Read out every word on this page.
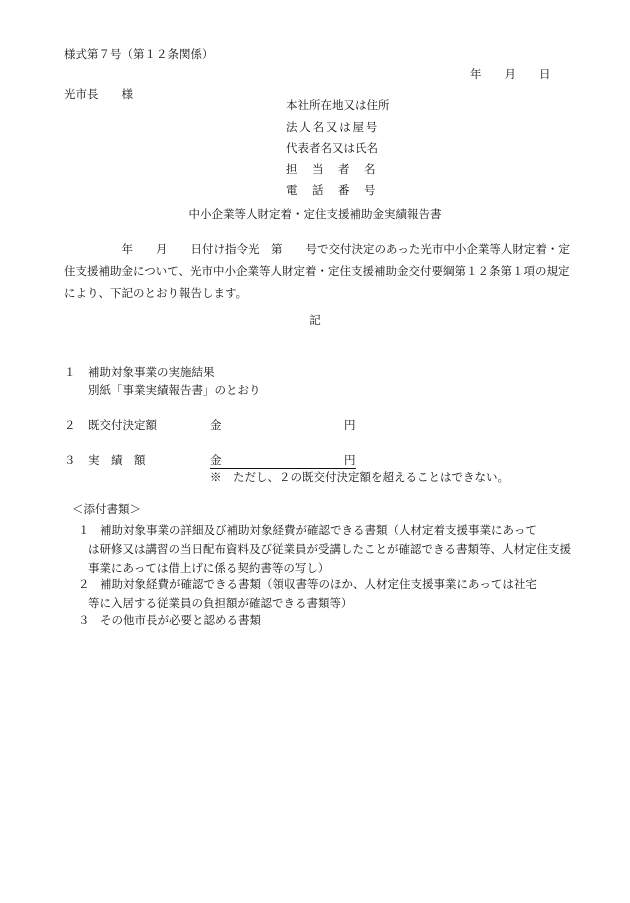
様式第７号（第１２条関係）
年　　月　　日
光市長　　様
本社所在地又は住所
法人名又は屋号
代表者名又は氏名
担当者名
電話番号
中小企業等人財定着・定住支援補助金実績報告書
　　　　　年　　月　　日付け指令光　第　　号で交付決定のあった光市中小企業等人財定着・定住支援補助金について、光市中小企業等人財定着・定住支援補助金交付要綱第１２条第１項の規定により、下記のとおり報告します。
記
１ 補助対象事業の実施結果
別紙「事業実績報告書」のとおり
２ 既交付決定額	金	円
３ 実　績　額	金	円
※　ただし、２の既交付決定額を超えることはできない。
＜添付書類＞
１ 補助対象事業の詳細及び補助対象経費が確認できる書類（人材定着支援事業にあって
は研修又は講習の当日配布資料及び従業員が受講したことが確認できる書類等、人材定住支援事業にあっては借上げに係る契約書等の写し）
２ 補助対象経費が確認できる書類（領収書等のほか、人材定住支援事業にあっては社宅
等に入居する従業員の負担額が確認できる書類等）
３ その他市長が必要と認める書類
